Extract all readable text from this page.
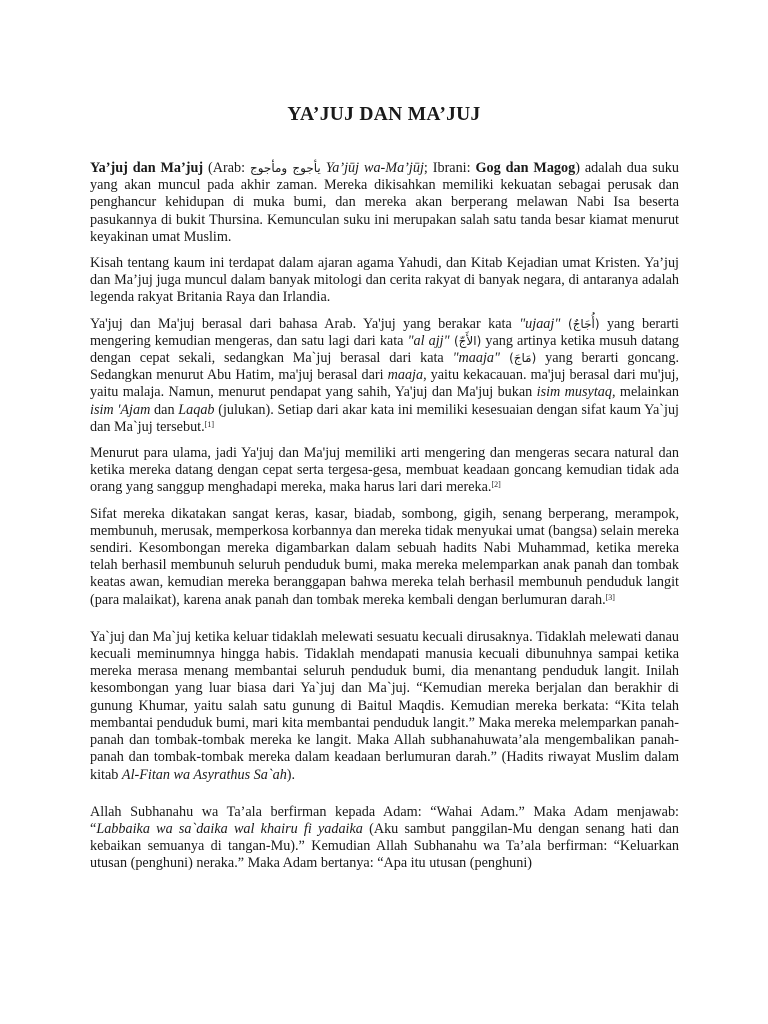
YA’JUJ DAN MA’JUJ

Ya’juj dan Ma’juj (Arab: يأجوج ومأجوج Ya’jūj wa-Ma’jūj; Ibrani: Gog dan Magog) adalah dua suku yang akan muncul pada akhir zaman. Mereka dikisahkan memiliki kekuatan sebagai perusak dan penghancur kehidupan di muka bumi, dan mereka akan berperang melawan Nabi Isa beserta pasukannya di bukit Thursina. Kemunculan suku ini merupakan salah satu tanda besar kiamat menurut keyakinan umat Muslim.

Kisah tentang kaum ini terdapat dalam ajaran agama Yahudi, dan Kitab Kejadian umat Kristen. Ya’juj dan Ma’juj juga muncul dalam banyak mitologi dan cerita rakyat di banyak negara, di antaranya adalah legenda rakyat Britania Raya dan Irlandia.

Ya'juj dan Ma'juj berasal dari bahasa Arab. Ya'juj yang berakar kata "ujaaj" (أُجَاجٌ) yang berarti mengering kemudian mengeras, dan satu lagi dari kata "al ajj" (الأَجّ) yang artinya ketika musuh datang dengan cepat sekali, sedangkan Ma`juj berasal dari kata "maaja" (مَاجَ) yang berarti goncang. Sedangkan menurut Abu Hatim, ma'juj berasal dari maaja, yaitu kekacauan. ma'juj berasal dari mu'juj, yaitu malaja. Namun, menurut pendapat yang sahih, Ya'juj dan Ma'juj bukan isim musytaq, melainkan isim 'Ajam dan Laqab (julukan). Setiap dari akar kata ini memiliki kesesuaian dengan sifat kaum Ya`juj dan Ma`juj tersebut.[1]

Menurut para ulama, jadi Ya'juj dan Ma'juj memiliki arti mengering dan mengeras secara natural dan ketika mereka datang dengan cepat serta tergesa-gesa, membuat keadaan goncang kemudian tidak ada orang yang sanggup menghadapi mereka, maka harus lari dari mereka.[2]

Sifat mereka dikatakan sangat keras, kasar, biadab, sombong, gigih, senang berperang, merampok, membunuh, merusak, memperkosa korbannya dan mereka tidak menyukai umat (bangsa) selain mereka sendiri. Kesombongan mereka digambarkan dalam sebuah hadits Nabi Muhammad, ketika mereka telah berhasil membunuh seluruh penduduk bumi, maka mereka melemparkan anak panah dan tombak keatas awan, kemudian mereka beranggapan bahwa mereka telah berhasil membunuh penduduk langit (para malaikat), karena anak panah dan tombak mereka kembali dengan berlumuran darah.[3]

Ya`juj dan Ma`juj ketika keluar tidaklah melewati sesuatu kecuali dirusaknya. Tidaklah melewati danau kecuali meminumnya hingga habis. Tidaklah mendapati manusia kecuali dibunuhnya sampai ketika mereka merasa menang membantai seluruh penduduk bumi, dia menantang penduduk langit. Inilah kesombongan yang luar biasa dari Ya`juj dan Ma`juj. “Kemudian mereka berjalan dan berakhir di gunung Khumar, yaitu salah satu gunung di Baitul Maqdis. Kemudian mereka berkata: “Kita telah membantai penduduk bumi, mari kita membantai penduduk langit.” Maka mereka melemparkan panah-panah dan tombak-tombak mereka ke langit. Maka Allah subhanahuwata’ala mengembalikan panah-panah dan tombak-tombak mereka dalam keadaan berlumuran darah.” (Hadits riwayat Muslim dalam kitab Al-Fitan wa Asyrathus Sa`ah).

Allah Subhanahu wa Ta’ala berfirman kepada Adam: “Wahai Adam.” Maka Adam menjawab: “Labbaika wa sa`daika wal khairu fi yadaika (Aku sambut panggilan-Mu dengan senang hati dan kebaikan semuanya di tangan-Mu).” Kemudian Allah Subhanahu wa Ta’ala berfirman: “Keluarkan utusan (penghuni) neraka.” Maka Adam bertanya: “Apa itu utusan (penghuni)
